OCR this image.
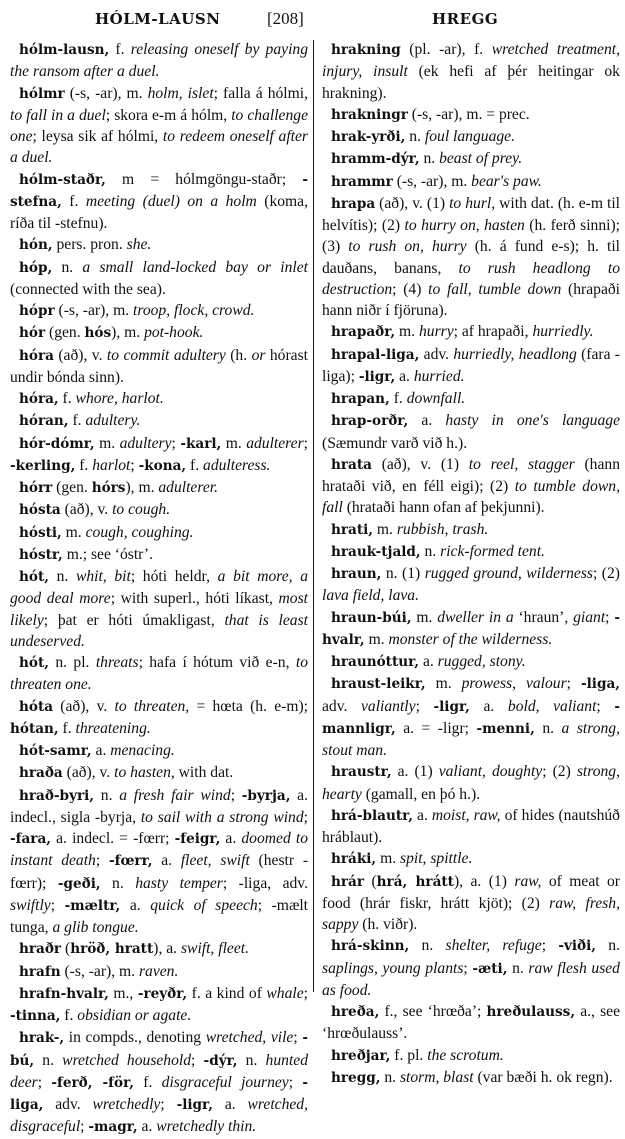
HÓLM-LAUSN	[208]	HREGG

hólm-lausn, f. releasing oneself by paying the ransom after a duel.

hólmr (-s, -ar), m. holm, islet; falla á hólmi, to fall in a duel; skora e-m á hólm, to challenge one; leysa sik af hólmi, to redeem oneself after a duel.

hólm-staðr, m = hólmgöngu-staðr; -stefna, f. meeting (duel) on a holm (koma, ríða til -stefnu).

hón, pers. pron. she.

hóp, n. a small land-locked bay or inlet (connected with the sea).

hópr (-s, -ar), m. troop, flock, crowd.

hór (gen. hós), m. pot-hook.

hóra (að), v. to commit adultery (h. or hórast undir bónda sinn).

hóra, f. whore, harlot.

hóran, f. adultery.

hór-dómr, m. adultery; -karl, m. adulterer; -kerling, f. harlot; -kona, f. adulteress.

hórr (gen. hórs), m. adulterer.

hósta (að), v. to cough.

hósti, m. cough, coughing.

hóstr, m.; see ‘óstr’.

hót, n. whit, bit; hóti heldr, a bit more, a good deal more; with superl., hóti líkast, most likely; þat er hóti úmakligast, that is least undeserved.

hót, n. pl. threats; hafa í hótum við e-n, to threaten one.

hóta (að), v. to threaten, = hœta (h. e-m); hótan, f. threatening.

hót-samr, a. menacing.

hraða (að), v. to hasten, with dat.

hrað-byri, n. a fresh fair wind; -byrja, a. indecl., sigla -byrja, to sail with a strong wind; -fara, a. indecl. = -fœrr; -feigr, a. doomed to instant death; -fœrr, a. fleet, swift (hestr -fœrr); -geði, n. hasty temper; -liga, adv. swiftly; -mæltr, a. quick of speech; -mælt tunga, a glib tongue.

hraðr (hröð, hratt), a. swift, fleet.

hrafn (-s, -ar), m. raven.

hrafn-hvalr, m., -reyðr, f. a kind of whale; -tinna, f. obsidian or agate.

hrak-, in compds., denoting wretched, vile; -bú, n. wretched household; -dýr, n. hunted deer; -ferð, -för, f. disgraceful journey; -liga, adv. wretchedly; -ligr, a. wretched, disgraceful; -magr, a. wretchedly thin.

hrakning (pl. -ar), f. wretched treatment, injury, insult (ek hefi af þér heitingar ok hrakning).

hrakningr (-s, -ar), m. = prec.

hrak-yrði, n. foul language.

hramm-dýr, n. beast of prey.

hrammr (-s, -ar), m. bear's paw.

hrapa (að), v. (1) to hurl, with dat. (h. e-m til helvítis); (2) to hurry on, hasten (h. ferð sinni); (3) to rush on, hurry (h. á fund e-s); h. til dauðans, banans, to rush headlong to destruction; (4) to fall, tumble down (hrapaði hann niðr í fjöruna).

hrapaðr, m. hurry; af hrapaði, hurriedly.

hrapal-liga, adv. hurriedly, headlong (fara -liga); -ligr, a. hurried.

hrapan, f. downfall.

hrap-orðr, a. hasty in one's language (Sæmundr varð við h.).

hrata (að), v. (1) to reel, stagger (hann hrataði við, en féll eigi); (2) to tumble down, fall (hrataði hann ofan af þekjunni).

hrati, m. rubbish, trash.

hrauk-tjald, n. rick-formed tent.

hraun, n. (1) rugged ground, wilderness; (2) lava field, lava.

hraun-búi, m. dweller in a ‘hraun’, giant; -hvalr, m. monster of the wilderness.

hraunóttur, a. rugged, stony.

hraust-leikr, m. prowess, valour; -liga, adv. valiantly; -ligr, a. bold, valiant; -mannligr, a. = -ligr; -menni, n. a strong, stout man.

hraustr, a. (1) valiant, doughty; (2) strong, hearty (gamall, en þó h.).

hrá-blautr, a. moist, raw, of hides (nautshúð hráblaut).

hráki, m. spit, spittle.

hrár (hrá, hrátt), a. (1) raw, of meat or food (hrár fiskr, hrátt kjöt); (2) raw, fresh, sappy (h. viðr).

hrá-skinn, n. shelter, refuge; -viði, n. saplings, young plants; -æti, n. raw flesh used as food.

hreða, f., see ‘hrœða’; hreðulauss, a., see ‘hrœðulauss’.

hreðjar, f. pl. the scrotum.

hregg, n. storm, blast (var bæði h. ok regn).
